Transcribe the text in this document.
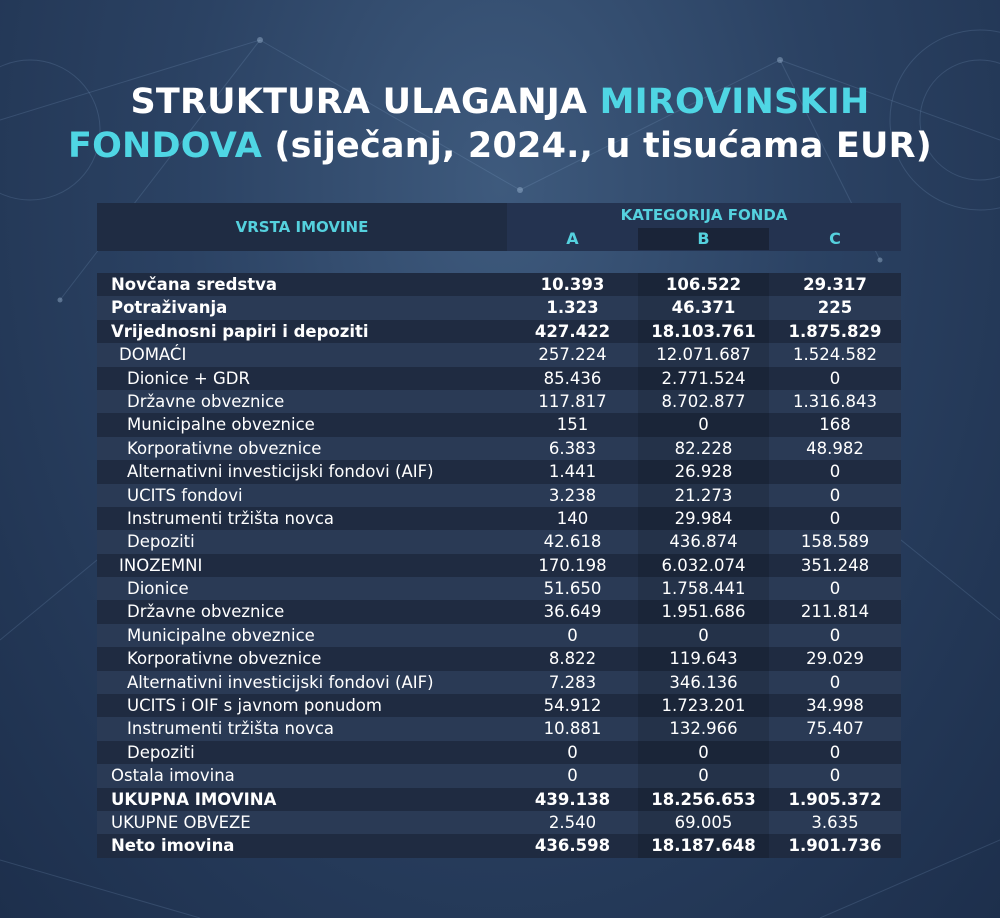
STRUKTURA ULAGANJA MIROVINSKIH
FONDOVA (siječanj, 2024., u tisućama EUR)
VRSTA IMOVINE
KATEGORIJA FONDA
A	B	C
Novčana sredstva	10.393	106.522	29.317
Potraživanja	1.323	46.371	225
Vrijednosni papiri i depoziti	427.422	18.103.761	1.875.829
DOMAĆI	257.224	12.071.687	1.524.582
Dionice + GDR	85.436	2.771.524	0
Državne obveznice	117.817	8.702.877	1.316.843
Municipalne obveznice	151	0	168
Korporativne obveznice	6.383	82.228	48.982
Alternativni investicijski fondovi (AIF)	1.441	26.928	0
UCITS fondovi	3.238	21.273	0
Instrumenti tržišta novca	140	29.984	0
Depoziti	42.618	436.874	158.589
INOZEMNI	170.198	6.032.074	351.248
Dionice	51.650	1.758.441	0
Državne obveznice	36.649	1.951.686	211.814
Municipalne obveznice	0	0	0
Korporativne obveznice	8.822	119.643	29.029
Alternativni investicijski fondovi (AIF)	7.283	346.136	0
UCITS i OIF s javnom ponudom	54.912	1.723.201	34.998
Instrumenti tržišta novca	10.881	132.966	75.407
Depoziti	0	0	0
Ostala imovina	0	0	0
UKUPNA IMOVINA	439.138	18.256.653	1.905.372
UKUPNE OBVEZE	2.540	69.005	3.635
Neto imovina	436.598	18.187.648	1.901.736
